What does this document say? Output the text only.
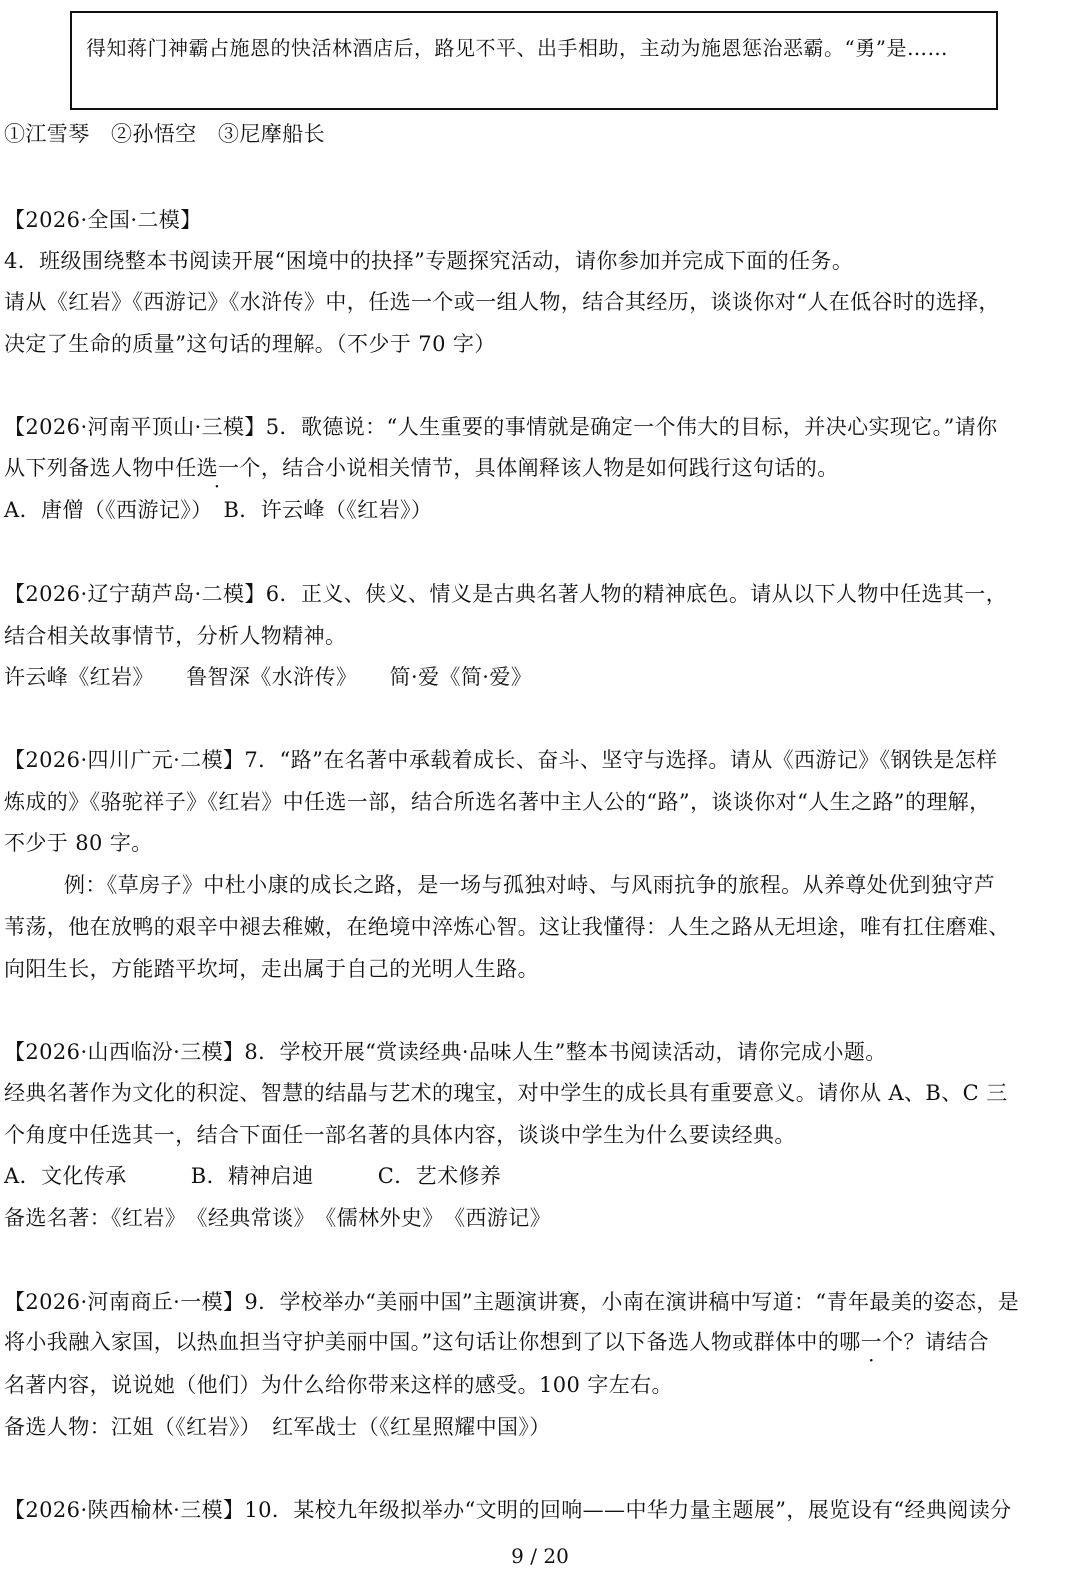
得知蒋门神霸占施恩的快活林酒店后，路见不平、出手相助，主动为施恩惩治恶霸。“勇”是……
①江雪琴　②孙悟空　③尼摩船长
【2026·全国·二模】
4．班级围绕整本书阅读开展“困境中的抉择”专题探究活动，请你参加并完成下面的任务。
请从《红岩》《西游记》《水浒传》中，任选一个或一组人物，结合其经历，谈谈你对“人在低谷时的选择，
决定了生命的质量”这句话的理解。（不少于 70 字）
【2026·河南平顶山·三模】5．歌德说：“人生重要的事情就是确定一个伟大的目标，并决心实现它。”请你
从下列备选人物中任选一个，结合小说相关情节，具体阐释该人物是如何践行这句话的。
A．唐僧（《西游记》）　B．许云峰（《红岩》）
【2026·辽宁葫芦岛·二模】6．正义、侠义、情义是古典名著人物的精神底色。请从以下人物中任选其一，
结合相关故事情节，分析人物精神。
许云峰《红岩》　　鲁智深《水浒传》　　简·爱《简·爱》
【2026·四川广元·二模】7．“路”在名著中承载着成长、奋斗、坚守与选择。请从《西游记》《钢铁是怎样
炼成的》《骆驼祥子》《红岩》中任选一部，结合所选名著中主人公的“路”，谈谈你对“人生之路”的理解，
不少于 80 字。
例：《草房子》中杜小康的成长之路，是一场与孤独对峙、与风雨抗争的旅程。从养尊处优到独守芦
苇荡，他在放鸭的艰辛中褪去稚嫩，在绝境中淬炼心智。这让我懂得：人生之路从无坦途，唯有扛住磨难、
向阳生长，方能踏平坎坷，走出属于自己的光明人生路。
【2026·山西临汾·三模】8．学校开展“赏读经典·品味人生”整本书阅读活动，请你完成小题。
经典名著作为文化的积淀、智慧的结晶与艺术的瑰宝，对中学生的成长具有重要意义。请你从 A、B、C 三
个角度中任选其一，结合下面任一部名著的具体内容，谈谈中学生为什么要读经典。
A．文化传承　　　B．精神启迪　　　C．艺术修养
备选名著：《红岩》　《经典常谈》　《儒林外史》　《西游记》
【2026·河南商丘·一模】9．学校举办“美丽中国”主题演讲赛，小南在演讲稿中写道：“青年最美的姿态，是
将小我融入家国，以热血担当守护美丽中国。”这句话让你想到了以下备选人物或群体中的哪一个？请结合
名著内容，说说她（他们）为什么给你带来这样的感受。100 字左右。
备选人物：江姐（《红岩》）　红军战士（《红星照耀中国》）
【2026·陕西榆林·三模】10．某校九年级拟举办“文明的回响——中华力量主题展”，展览设有“经典阅读分
9 / 20
